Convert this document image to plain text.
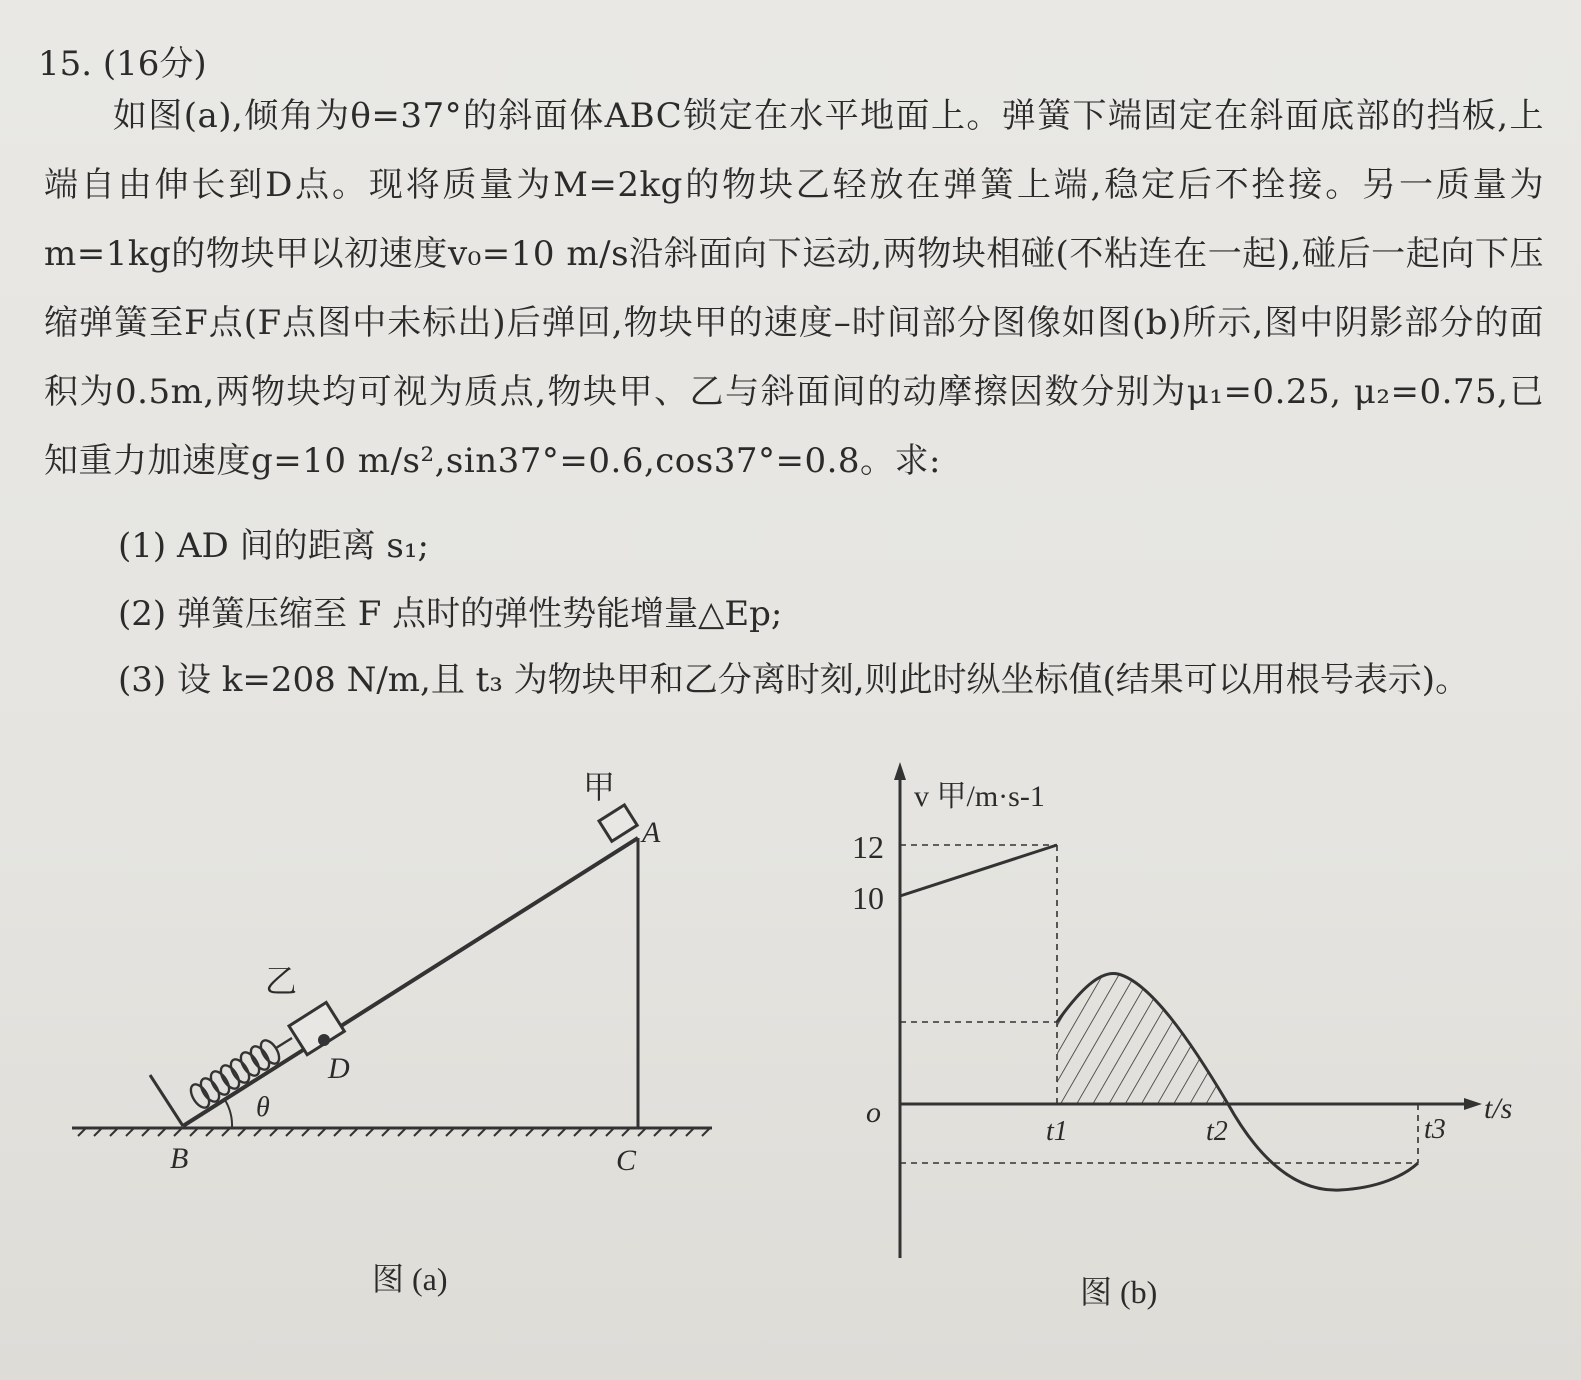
15. (16分)
如图(a),倾角为θ=37°的斜面体ABC锁定在水平地面上。弹簧下端固定在斜面底部的挡板,上端自由伸长到D点。现将质量为M=2kg的物块乙轻放在弹簧上端,稳定后不拴接。另一质量为m=1kg的物块甲以初速度v₀=10 m/s沿斜面向下运动,两物块相碰(不粘连在一起),碰后一起向下压缩弹簧至F点(F点图中未标出)后弹回,物块甲的速度–时间部分图像如图(b)所示,图中阴影部分的面积为0.5m,两物块均可视为质点,物块甲、乙与斜面间的动摩擦因数分别为μ₁=0.25, μ₂=0.75,已知重力加速度g=10 m/s²,sin37°=0.6,cos37°=0.8。求:
(1) AD 间的距离 s₁;
(2) 弹簧压缩至 F 点时的弹性势能增量△Ep;
(3) 设 k=208 N/m,且 t₃ 为物块甲和乙分离时刻,则此时纵坐标值(结果可以用根号表示)。
甲
A
乙
D
θ
B	C
图 (a)
v 甲/m·s-1
t/s
o
12
10
t1	t2	t3
图 (b)
